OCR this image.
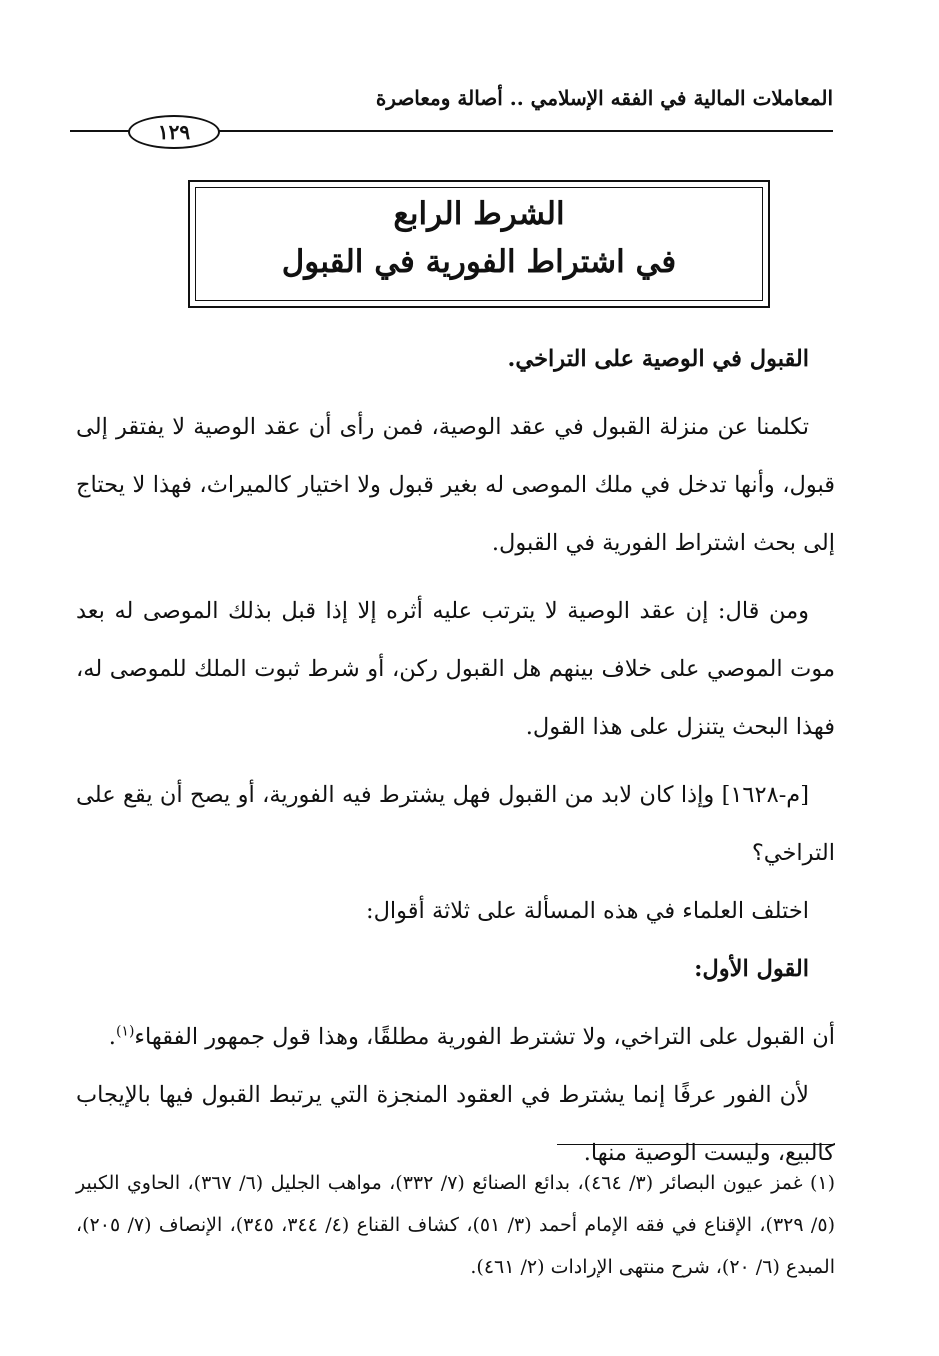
المعاملات المالية في الفقه الإسلامي .. أصالة ومعاصرة
١٢٩
الشرط الرابع
في اشتراط الفورية في القبول

القبول في الوصية على التراخي.

تكلمنا عن منزلة القبول في عقد الوصية، فمن رأى أن عقد الوصية لا يفتقر إلى قبول، وأنها تدخل في ملك الموصى له بغير قبول ولا اختيار كالميراث، فهذا لا يحتاج إلى بحث اشتراط الفورية في القبول.

ومن قال: إن عقد الوصية لا يترتب عليه أثره إلا إذا قبل بذلك الموصى له بعد موت الموصي على خلاف بينهم هل القبول ركن، أو شرط ثبوت الملك للموصى له، فهذا البحث يتنزل على هذا القول.

[م-١٦٢٨] وإذا كان لابد من القبول فهل يشترط فيه الفورية، أو يصح أن يقع على التراخي؟

اختلف العلماء في هذه المسألة على ثلاثة أقوال:

القول الأول:

أن القبول على التراخي، ولا تشترط الفورية مطلقًا، وهذا قول جمهور الفقهاء$^{(١)}$.

لأن الفور عرفًا إنما يشترط في العقود المنجزة التي يرتبط القبول فيها بالإيجاب كالبيع، وليست الوصية منها.

(١) غمز عيون البصائر (٣/ ٤٦٤)، بدائع الصنائع (٧/ ٣٣٢)، مواهب الجليل (٦/ ٣٦٧)، الحاوي الكبير (٥/ ٣٢٩)، الإقناع في فقه الإمام أحمد (٣/ ٥١)، كشاف القناع (٤/ ٣٤٤، ٣٤٥)، الإنصاف (٧/ ٢٠٥)، المبدع (٦/ ٢٠)، شرح منتهى الإرادات (٢/ ٤٦١).
